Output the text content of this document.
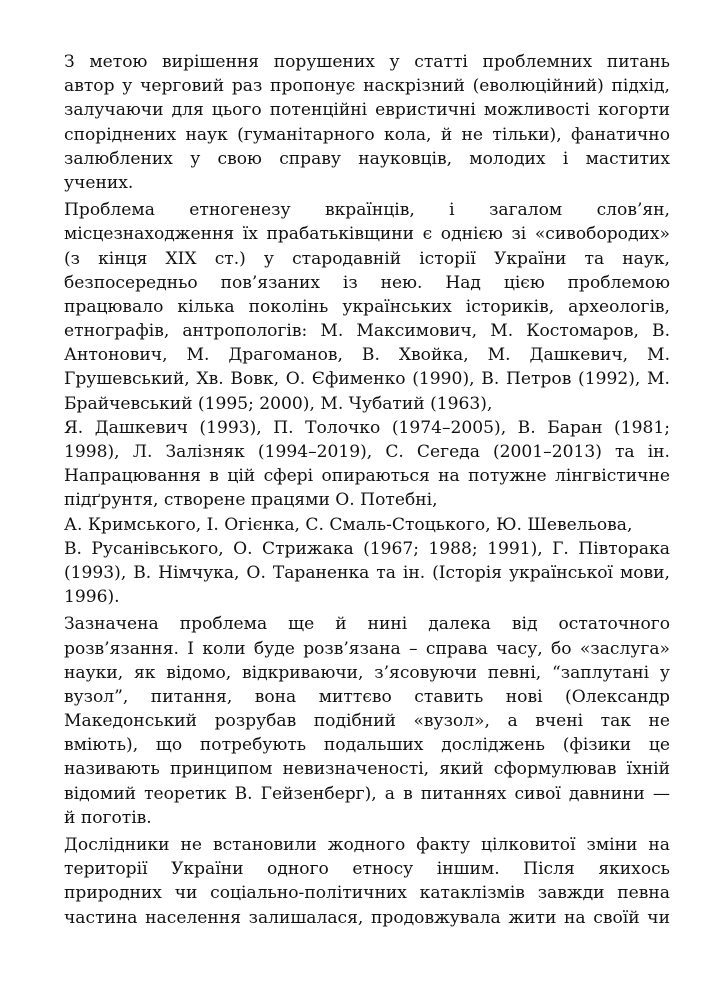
З метою вирішення порушених у статті проблемних питань
автор у черговий раз пропонує наскрізний (еволюційний) підхід,
залучаючи для цього потенційні евристичні можливості когорти
споріднених наук (гуманітарного кола, й не тільки), фанатично
залюблених у свою справу науковців, молодих і маститих
учених.
Проблема етногенезу вкраїнців, і загалом слов’ян,
місцезнаходження їх прабатьківщини є однією зі «сивобородих»
(з кінця XIX ст.) у стародавній історії України та наук,
безпосередньо пов’язаних із нею. Над цією проблемою
працювало кілька поколінь українських істориків, археологів,
етнографів, антропологів: М. Максимович, М. Костомаров, В.
Антонович, М. Драгоманов, В. Хвойка, М. Дашкевич, М.
Грушевський, Хв. Вовк, О. Єфименко (1990), В. Петров (1992), М.
Брайчевський (1995; 2000), М. Чубатий (1963),
Я. Дашкевич (1993), П. Толочко (1974–2005), В. Баран (1981;
1998), Л. Залізняк (1994–2019), С. Сегеда (2001–2013) та ін.
Напрацювання в цій сфері опираються на потужне лінгвістичне
підґрунтя, створене працями О. Потебні,
А. Кримського, І. Огієнка, С. Смаль-Стоцького, Ю. Шевельова,
В. Русанівського, О. Стрижака (1967; 1988; 1991), Г. Півторака
(1993), В. Німчука, О. Тараненка та ін. (Історія української мови,
1996).
Зазначена проблема ще й нині далека від остаточного
розв’язання. І коли буде розв’язана – справа часу, бо «заслуга»
науки, як відомо, відкриваючи, з’ясовуючи певні, “заплутані у
вузол”, питання, вона миттєво ставить нові (Олександр
Македонський розрубав подібний «вузол», а вчені так не
вміють), що потребують подальших досліджень (фізики це
називають принципом невизначеності, який сформулював їхній
відомий теоретик В. Гейзенберг), а в питаннях сивої давнини —
й поготів.
Дослідники не встановили жодного факту цілковитої зміни на
території України одного етносу іншим. Після якихось
природних чи соціально-політичних катаклізмів завжди певна
частина населення залишалася, продовжувала жити на своїй чи
